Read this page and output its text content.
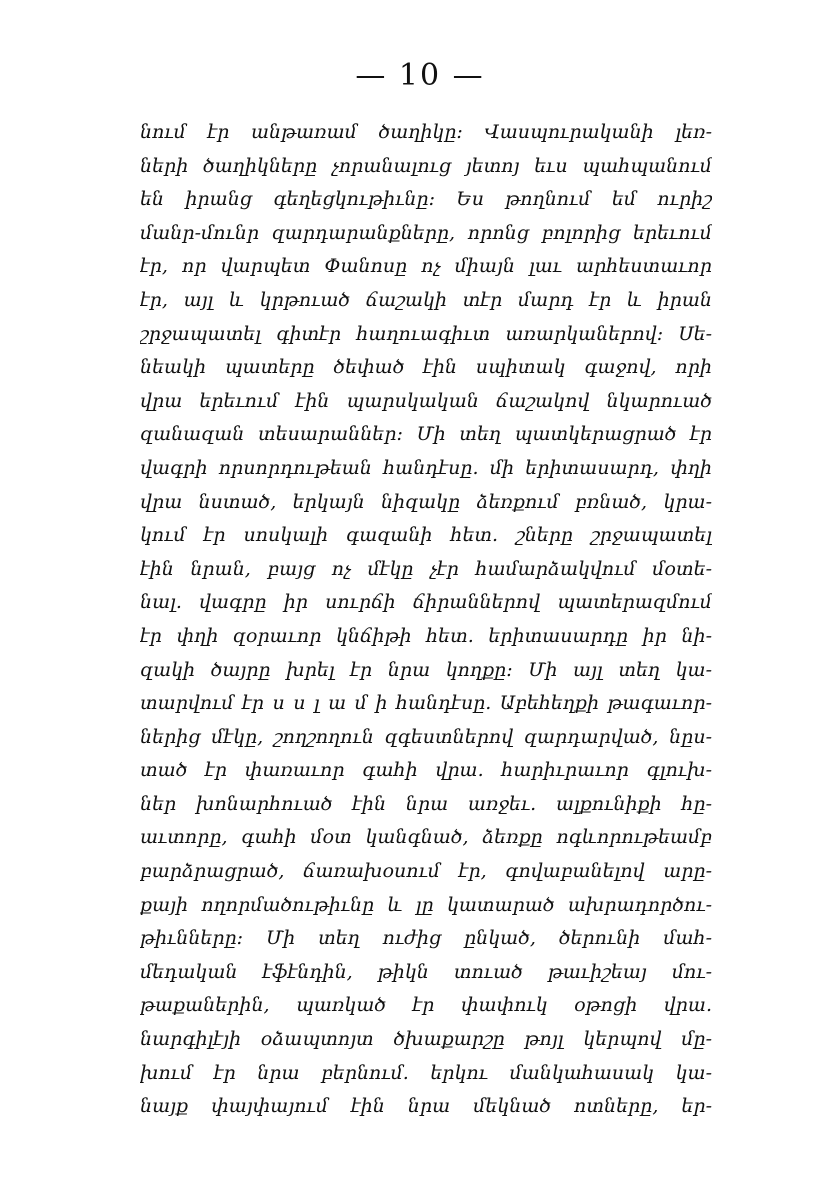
— 10 —
նում էր անթառամ ծաղիկը։ Վասպուրականի լեռ-
ների ծաղիկները չորանալուց յետոյ եւս պահպանում
են իրանց գեղեցկութիւնը։ Ես թողնում եմ ուրիշ
մանր-մունր զարդարանքները, որոնց բոլորից երեւում
էր, որ վարպետ Փանոսը ոչ միայն լաւ արհեստաւոր
էր, այլ և կրթուած ճաշակի տէր մարդ էր և իրան
շրջապատել գիտէր հաղուագիւտ առարկաներով։ Սե-
նեակի պատերը ծեփած էին սպիտակ գաջով, որի
վրա երեւում էին պարսկական ճաշակով նկարուած
զանազան տեսարաններ։ Մի տեղ պատկերացրած էր
վագրի որսորդութեան հանդէսը. մի երիտասարդ, փղի
վրա նստած, երկայն նիզակը ձեռքում բռնած, կրա-
կում էր սոսկալի գազանի հետ. շները շրջապատել
էին նրան, բայց ոչ մէկը չէր համարձակվում մօտե-
նալ. վագրը իր սուրճի ճիրաններով պատերազմում
էր փղի զօրաւոր կնճիթի հետ. երիտասարդը իր նի-
զակի ծայրը խրել էր նրա կողքը։ Մի այլ տեղ կա-
տարվում էր ս ս լ ա մ ի հանդէսը. Աբեհեղքի թագաւոր-
ներից մէկը, շողշողուն զգեստներով զարդարված, նըս-
տած էր փառաւոր գահի վրա. հարիւրաւոր գլուխ-
ներ խոնարհուած էին նրա առջեւ. ալքունիքի հը-
աւտորը, գահի մօտ կանգնած, ձեռքը ոգևորութեամբ
բարձրացրած, ճառախօսում էր, գովաբանելով արը-
քայի ողորմածութիւնը և լը կատարած ախրադործու-
թիւնները։ Մի տեղ ուժից ընկած, ծերունի մահ-
մեդական էֆէնդին, թիկն տուած թաւիշեայ մու-
թաքաներին, պառկած էր փափուկ օթոցի վրա.
նարգիլէյի օձապտոյտ ծխաքարշը թոյլ կերպով մը-
խում էր նրա բերնում. երկու մանկահասակ կա-
նայք փայփայում էին նրա մեկնած ոտները, եր-
